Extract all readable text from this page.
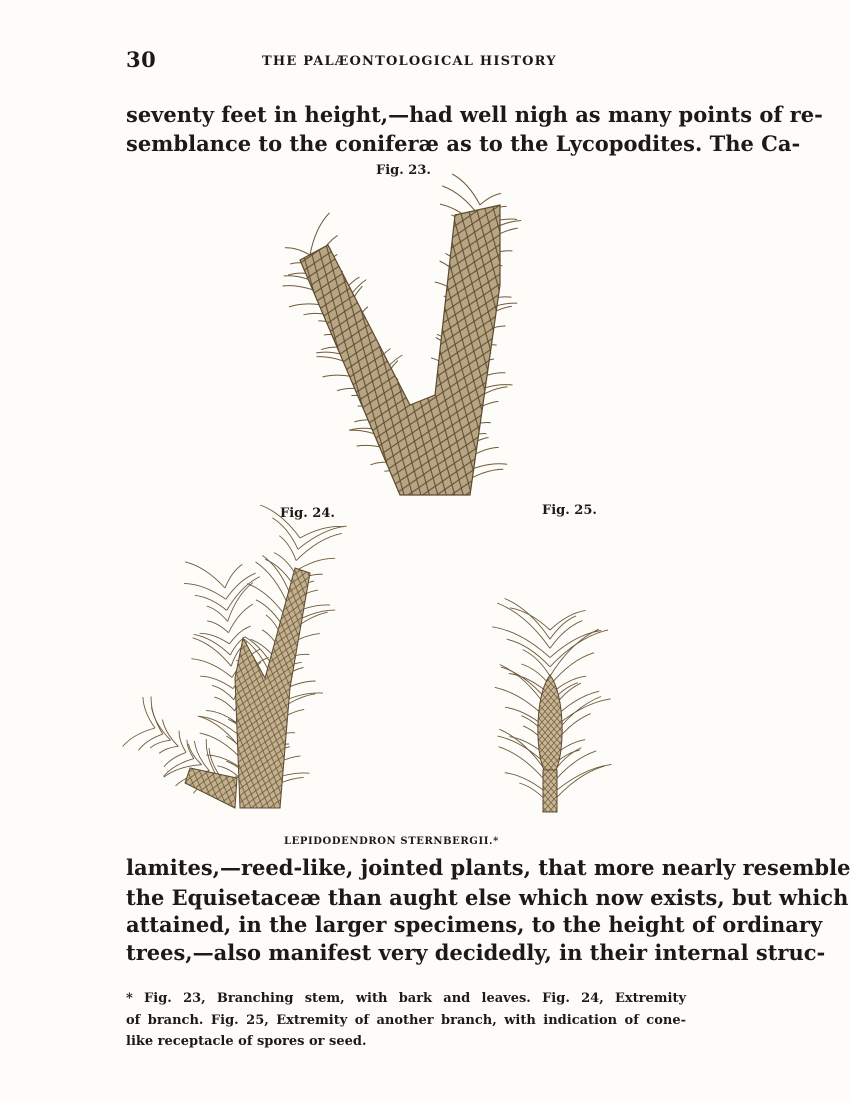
30	THE PALÆONTOLOGICAL HISTORY
seventy feet in height,—had well nigh as many points of re-
semblance to the coniferæ as to the Lycopodites. The Ca-
Fig. 23.
Fig. 24.	Fig. 25.
LEPIDODENDRON STERNBERGII.*
lamites,—reed-like, jointed plants, that more nearly resemble
the Equisetaceæ than aught else which now exists, but which
attained, in the larger specimens, to the height of ordinary
trees,—also manifest very decidedly, in their internal struc-
* Fig. 23, Branching stem, with bark and leaves. Fig. 24, Extremity
of branch. Fig. 25, Extremity of another branch, with indication of cone-
like receptacle of spores or seed.
